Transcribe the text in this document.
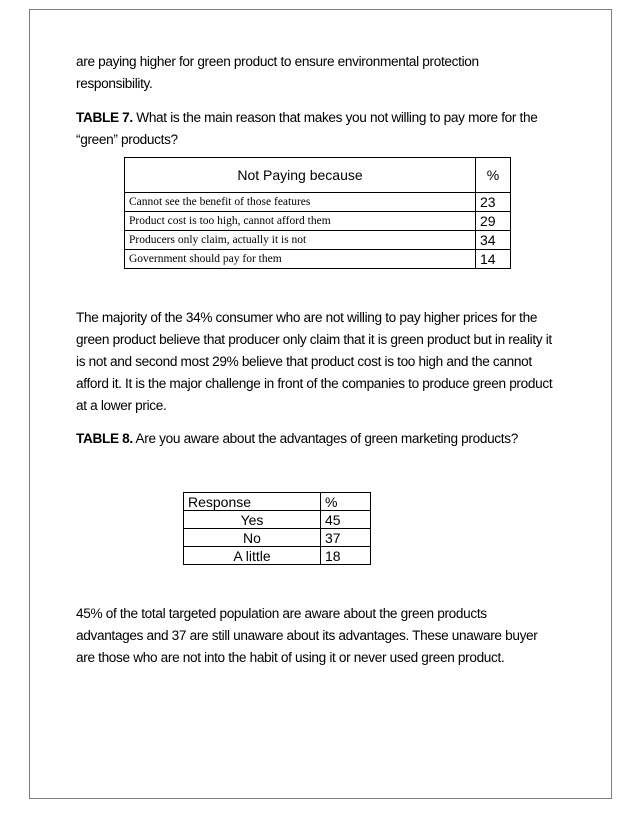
are paying higher for green product to ensure environmental protection responsibility.

TABLE 7. What is the main reason that makes you not willing to pay more for the “green” products?

Not Paying because	%
Cannot see the benefit of those features	23
Product cost is too high, cannot afford them	29
Producers only claim, actually it is not	34
Government should pay for them	14

The majority of the 34% consumer who are not willing to pay higher prices for the green product believe that producer only claim that it is green product but in reality it is not and second most 29% believe that product cost is too high and the cannot afford it. It is the major challenge in front of the companies to produce green product at a lower price.

TABLE 8. Are you aware about the advantages of green marketing products?

Response	%
Yes	45
No	37
A little	18

45% of the total targeted population are aware about the green products advantages and 37 are still unaware about its advantages. These unaware buyer are those who are not into the habit of using it or never used green product.
